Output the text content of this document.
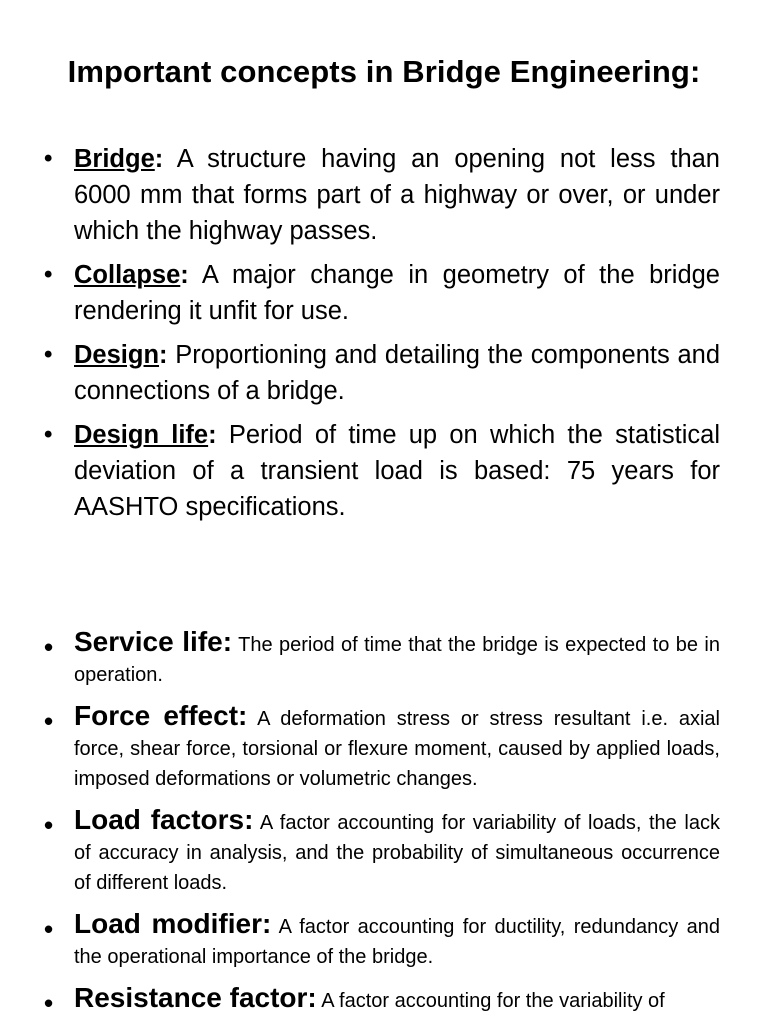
Important concepts in Bridge Engineering:
• Bridge: A structure having an opening not less than 6000 mm that forms part of a highway or over, or under which the highway passes.
• Collapse: A major change in geometry of the bridge rendering it unfit for use.
• Design: Proportioning and detailing the components and connections of a bridge.
• Design life: Period of time up on which the statistical deviation of a transient load is based: 75 years for AASHTO specifications.
• Service life: The period of time that the bridge is expected to be in operation.
• Force effect: A deformation stress or stress resultant i.e. axial force, shear force, torsional or flexure moment, caused by applied loads, imposed deformations or volumetric changes.
• Load factors: A factor accounting for variability of loads, the lack of accuracy in analysis, and the probability of simultaneous occurrence of different loads.
• Load modifier: A factor accounting for ductility, redundancy and the operational importance of the bridge.
• Resistance factor: A factor accounting for the variability of
